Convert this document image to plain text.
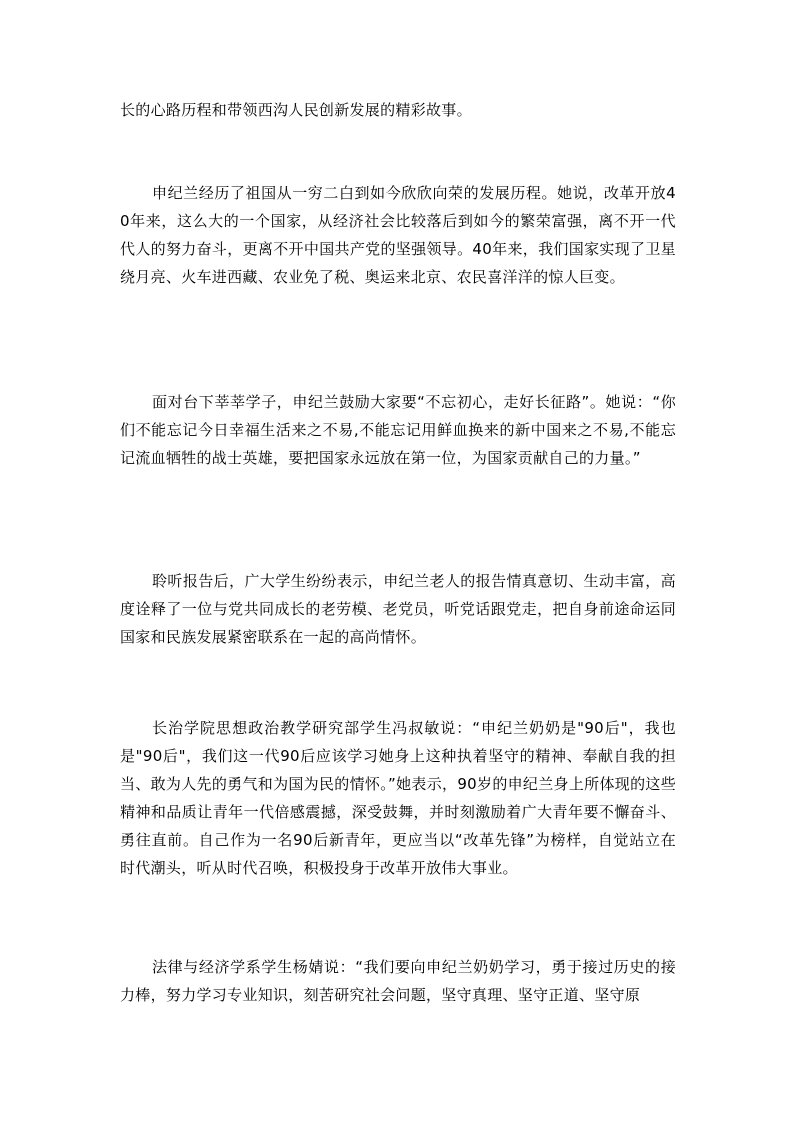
长的心路历程和带领西沟人民创新发展的精彩故事。

申纪兰经历了祖国从一穷二白到如今欣欣向荣的发展历程。她说，改革开放40年来，这么大的一个国家，从经济社会比较落后到如今的繁荣富强，离不开一代代人的努力奋斗，更离不开中国共产党的坚强领导。40年来，我们国家实现了卫星绕月亮、火车进西藏、农业免了税、奥运来北京、农民喜洋洋的惊人巨变。

面对台下莘莘学子，申纪兰鼓励大家要“不忘初心，走好长征路”。她说：“你们不能忘记今日幸福生活来之不易,不能忘记用鲜血换来的新中国来之不易,不能忘记流血牺牲的战士英雄，要把国家永远放在第一位，为国家贡献自己的力量。”

聆听报告后，广大学生纷纷表示，申纪兰老人的报告情真意切、生动丰富，高度诠释了一位与党共同成长的老劳模、老党员，听党话跟党走，把自身前途命运同国家和民族发展紧密联系在一起的高尚情怀。

长治学院思想政治教学研究部学生冯叔敏说：“申纪兰奶奶是"90后"，我也是"90后"，我们这一代90后应该学习她身上这种执着坚守的精神、奉献自我的担当、敢为人先的勇气和为国为民的情怀。”她表示，90岁的申纪兰身上所体现的这些精神和品质让青年一代倍感震撼，深受鼓舞，并时刻激励着广大青年要不懈奋斗、勇往直前。自己作为一名90后新青年，更应当以“改革先锋”为榜样，自觉站立在时代潮头，听从时代召唤，积极投身于改革开放伟大事业。

法律与经济学系学生杨婧说：“我们要向申纪兰奶奶学习，勇于接过历史的接力棒，努力学习专业知识，刻苦研究社会问题，坚守真理、坚守正道、坚守原
